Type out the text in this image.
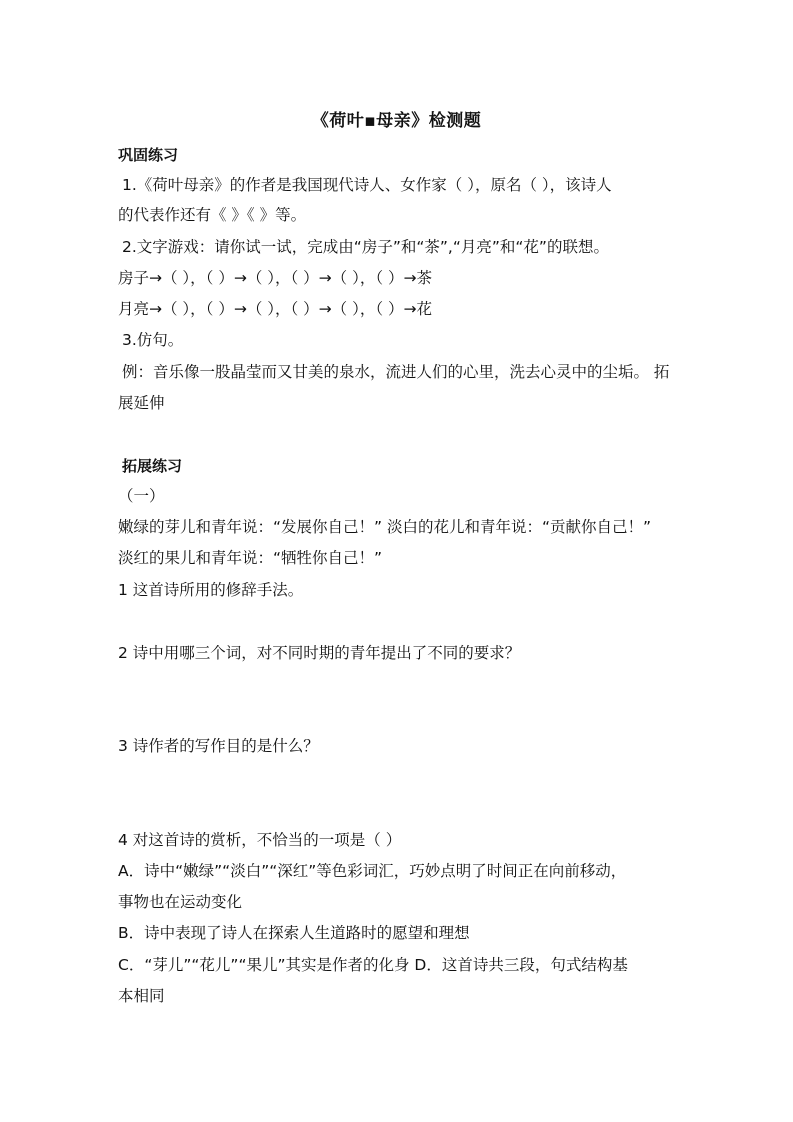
《荷叶▪母亲》检测题
巩固练习
1.《荷叶母亲》的作者是我国现代诗人、女作家（ ），原名（ ），该诗人
的代表作还有《 》《 》等。
2.文字游戏：请你试一试，完成由“房子”和“茶”,“月亮”和“花”的联想。
房子→（ ），（ ）→（ ），（ ）→（ ），（ ）→茶
月亮→（ ），（ ）→（ ），（ ）→（ ），（ ）→花
3.仿句。
例：音乐像一股晶莹而又甘美的泉水，流进人们的心里，洗去心灵中的尘垢。 拓
展延伸
拓展练习
（一）
嫩绿的芽儿和青年说：“发展你自己！” 淡白的花儿和青年说：“贡献你自己！”
淡红的果儿和青年说：“牺牲你自己！”
1 这首诗所用的修辞手法。
2 诗中用哪三个词，对不同时期的青年提出了不同的要求？
3 诗作者的写作目的是什么？
4 对这首诗的赏析，不恰当的一项是（ ）
A．诗中“嫩绿”“淡白”“深红”等色彩词汇，巧妙点明了时间正在向前移动，
事物也在运动变化
B．诗中表现了诗人在探索人生道路时的愿望和理想
C．“芽儿”“花儿”“果儿”其实是作者的化身 D．这首诗共三段，句式结构基
本相同
